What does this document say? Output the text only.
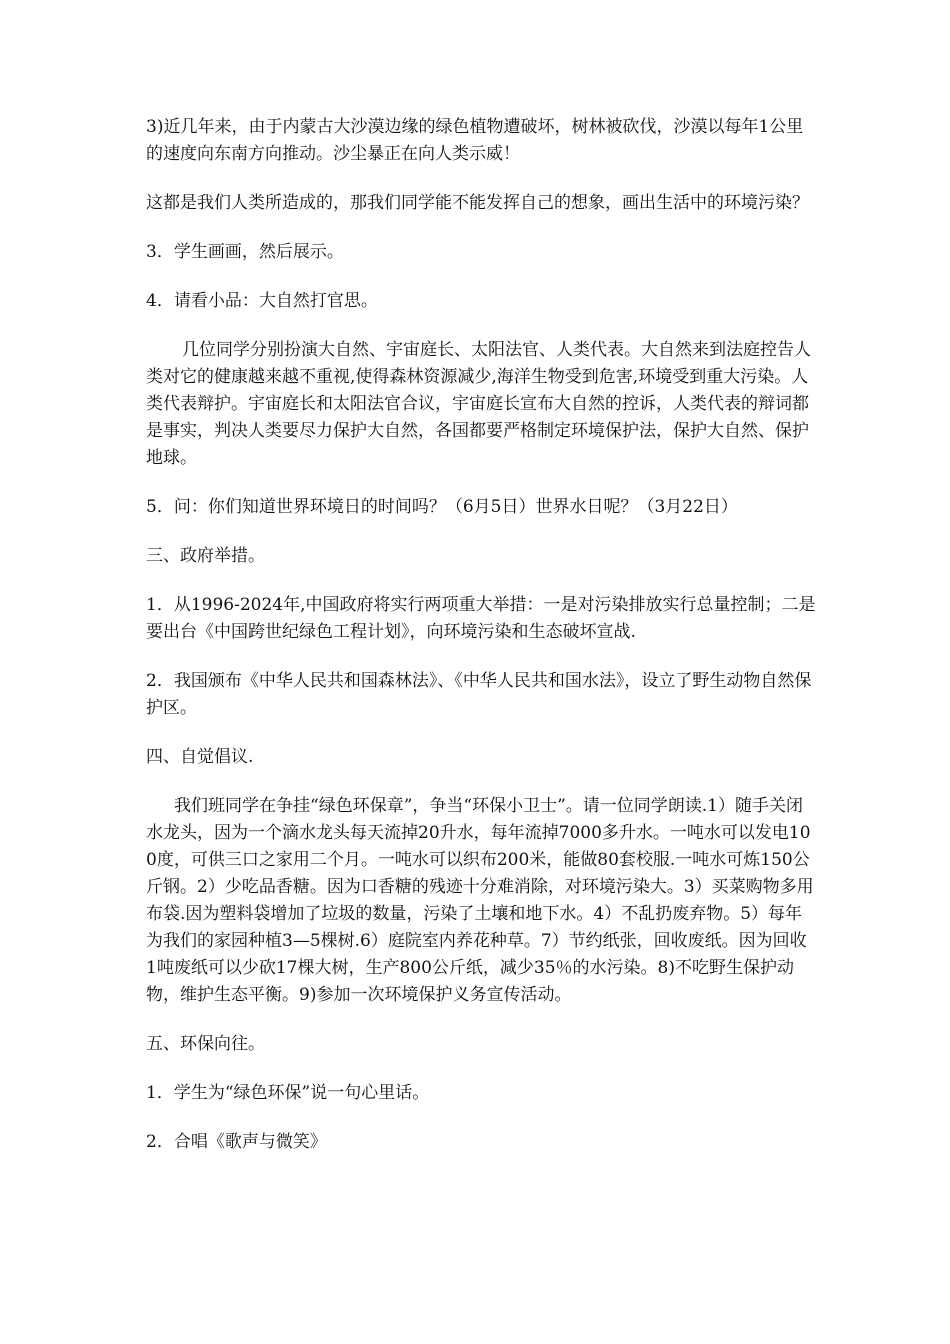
3)近几年来，由于内蒙古大沙漠边缘的绿色植物遭破坏，树林被砍伐，沙漠以每年1公里的速度向东南方向推动。沙尘暴正在向人类示威！

这都是我们人类所造成的，那我们同学能不能发挥自己的想象，画出生活中的环境污染？

3．学生画画，然后展示。

4．请看小品：大自然打官思。

几位同学分别扮演大自然、宇宙庭长、太阳法官、人类代表。大自然来到法庭控告人类对它的健康越来越不重视,使得森林资源减少,海洋生物受到危害,环境受到重大污染。人类代表辩护。宇宙庭长和太阳法官合议，宇宙庭长宣布大自然的控诉，人类代表的辩词都是事实，判决人类要尽力保护大自然，各国都要严格制定环境保护法，保护大自然、保护地球。

5．问：你们知道世界环境日的时间吗？（6月5日）世界水日呢？（3月22日）

三、政府举措。

1．从1996-2024年,中国政府将实行两项重大举措：一是对污染排放实行总量控制；二是要出台《中国跨世纪绿色工程计划》，向环境污染和生态破坏宣战.

2．我国颁布《中华人民共和国森林法》、《中华人民共和国水法》，设立了野生动物自然保护区。

四、自觉倡议.

我们班同学在争挂“绿色环保章”，争当“环保小卫士”。请一位同学朗读.1）随手关闭水龙头，因为一个滴水龙头每天流掉20升水，每年流掉7000多升水。一吨水可以发电100度，可供三口之家用二个月。一吨水可以织布200米，能做80套校服.一吨水可炼150公斤钢。2）少吃品香糖。因为口香糖的残迹十分难消除，对环境污染大。3）买菜购物多用布袋.因为塑料袋增加了垃圾的数量，污染了土壤和地下水。4）不乱扔废弃物。5）每年为我们的家园种植3—5棵树.6）庭院室内养花种草。7）节约纸张，回收废纸。因为回收1吨废纸可以少砍17棵大树，生产800公斤纸，减少35％的水污染。8)不吃野生保护动物，维护生态平衡。9)参加一次环境保护义务宣传活动。

五、环保向往。

1．学生为“绿色环保”说一句心里话。

2．合唱《歌声与微笑》
